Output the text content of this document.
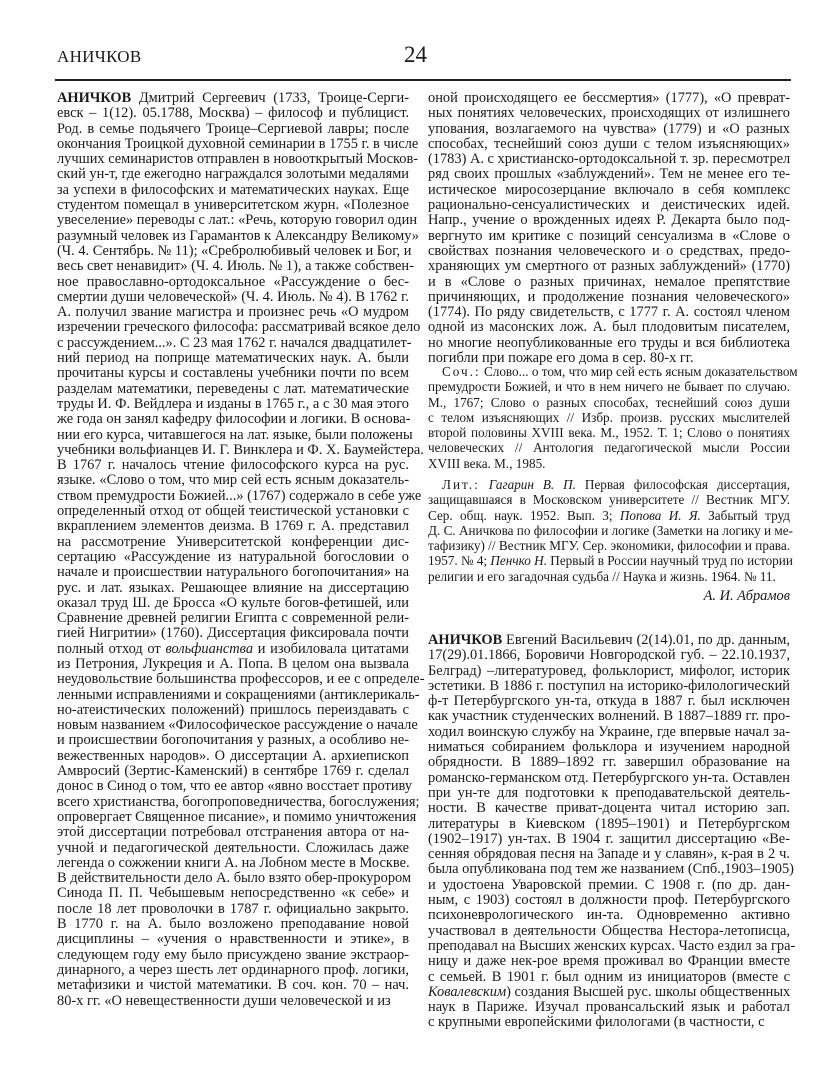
АНИЧКОВ	24
АНИЧКОВ Дмитрий Сергеевич (1733, Троице-Серги-
евск – 1(12). 05.1788, Москва) – философ и публицист.
Род. в семье подьячего Троице–Сергиевой лавры; после
окончания Троицкой духовной семинарии в 1755 г. в числе
лучших семинаристов отправлен в новооткрытый Москов-
ский ун-т, где ежегодно награждался золотыми медалями
за успехи в философских и математических науках. Еще
студентом помещал в университетском журн. «Полезное
увеселение» переводы с лат.: «Речь, которую говорил один
разумный человек из Гарамантов к Александру Великому»
(Ч. 4. Сентябрь. № 11); «Сребролюбивый человек и Бог, и
весь свет ненавидит» (Ч. 4. Июль. № 1), а также собствен-
ное православно-ортодоксальное «Рассуждение о бес-
смертии души человеческой» (Ч. 4. Июль. № 4). В 1762 г.
А. получил звание магистра и произнес речь «О мудром
изречении греческого философа: рассматривай всякое дело
с рассуждением...». С 23 мая 1762 г. начался двадцатилет-
ний период на поприще математических наук. А. были
прочитаны курсы и составлены учебники почти по всем
разделам математики, переведены с лат. математические
труды И. Ф. Вейдлера и изданы в 1765 г., а с 30 мая этого
же года он занял кафедру философии и логики. В основа-
нии его курса, читавшегося на лат. языке, были положены
учебники вольфианцев И. Г. Винклера и Ф. Х. Баумейстера.
В 1767 г. началось чтение философского курса на рус.
языке. «Слово о том, что мир сей есть ясным доказатель-
ством премудрости Божией...» (1767) содержало в себе уже
определенный отход от общей теистической установки с
вкраплением элементов деизма. В 1769 г. А. представил
на рассмотрение Университетской конференции дис-
сертацию «Рассуждение из натуральной богословии о
начале и происшествии натурального богопочитания» на
рус. и лат. языках. Решающее влияние на диссертацию
оказал труд Ш. де Бросса «О культе богов-фетишей, или
Сравнение древней религии Египта с современной рели-
гией Нигритии» (1760). Диссертация фиксировала почти
полный отход от вольфианства и изобиловала цитатами
из Петрония, Лукреция и А. Попа. В целом она вызвала
неудовольствие большинства профессоров, и ее с определе-
ленными исправлениями и сокращениями (антиклерикаль-
но-атеистических положений) пришлось переиздавать с
новым названием «Философическое рассуждение о начале
и происшествии богопочитания у разных, а особливо не-
вежественных народов». О диссертации А. архиепископ
Амвросий (Зертис-Каменский) в сентябре 1769 г. сделал
донос в Синод о том, что ее автор «явно восстает противу
всего христианства, богопроповедничества, богослужения;
опровергает Священное писание», и помимо уничтожения
этой диссертации потребовал отстранения автора от на-
учной и педагогической деятельности. Сложилась даже
легенда о сожжении книги А. на Лобном месте в Москве.
В действительности дело А. было взято обер-прокурором
Синода П. П. Чебышевым непосредственно «к себе» и
после 18 лет проволочки в 1787 г. официально закрыто.
В 1770 г. на А. было возложено преподавание новой
дисциплины – «учения о нравственности и этике», в
следующем году ему было присуждено звание экстраор-
динарного, а через шесть лет ординарного проф. логики,
метафизики и чистой математики. В соч. кон. 70 – нач.
80-х гг. «О невещественности души человеческой и из
оной происходящего ее бессмертия» (1777), «О преврат-
ных понятиях человеческих, происходящих от излишнего
упования, возлагаемого на чувства» (1779) и «О разных
способах, теснейший союз души с телом изъясняющих»
(1783) А. с христианско-ортодоксальной т. зр. пересмотрел
ряд своих прошлых «заблуждений». Тем не менее его те-
истическое миросозерцание включало в себя комплекс
рационально-сенсуалистических и деистических идей.
Напр., учение о врожденных идеях Р. Декарта было под-
вергнуто им критике с позиций сенсуализма в «Слове о
свойствах познания человеческого и о средствах, предо-
храняющих ум смертного от разных заблуждений» (1770)
и в «Слове о разных причинах, немалое препятствие
причиняющих, и продолжение познания человеческого»
(1774). По ряду свидетельств, с 1777 г. А. состоял членом
одной из масонских лож. А. был плодовитым писателем,
но многие неопубликованные его труды и вся библиотека
погибли при пожаре его дома в сер. 80-х гг.
Соч.: Слово... о том, что мир сей есть ясным доказательством
премудрости Божией, и что в нем ничего не бывает по случаю.
М., 1767; Слово о разных способах, теснейший союз души
с телом изъясняющих // Избр. произв. русских мыслителей
второй половины XVIII века. М., 1952. Т. 1; Слово о понятиях
человеческих // Антология педагогической мысли России
XVIII века. М., 1985.
Лит.: Гагарин В. П. Первая философская диссертация,
защищавшаяся в Московском университете // Вестник МГУ.
Сер. общ. наук. 1952. Вып. 3; Попова И. Я. Забытый труд
Д. С. Аничкова по философии и логике (Заметки на логику и ме-
тафизику) // Вестник МГУ. Сер. экономики, философии и права.
1957. № 4; Пенчко Н. Первый в России научный труд по истории
религии и его загадочная судьба // Наука и жизнь. 1964. № 11.
А. И. Абрамов
АНИЧКОВ Евгений Васильевич (2(14).01, по др. данным,
17(29).01.1866, Боровичи Новгородской губ. – 22.10.1937,
Белград) –литературовед, фольклорист, мифолог, историк
эстетики. В 1886 г. поступил на историко-филологический
ф-т Петербургского ун-та, откуда в 1887 г. был исключен
как участник студенческих волнений. В 1887–1889 гг. про-
ходил воинскую службу на Украине, где впервые начал за-
ниматься собиранием фольклора и изучением народной
обрядности. В 1889–1892 гг. завершил образование на
романско-германском отд. Петербургского ун-та. Оставлен
при ун-те для подготовки к преподавательской деятель-
ности. В качестве приват-доцента читал историю зап.
литературы в Киевском (1895–1901) и Петербургском
(1902–1917) ун-тах. В 1904 г. защитил диссертацию «Ве-
сенняя обрядовая песня на Западе и у славян», к-рая в 2 ч.
была опубликована под тем же названием (Спб.,1903–1905)
и удостоена Уваровской премии. С 1908 г. (по др. дан-
ным, с 1903) состоял в должности проф. Петербургского
психоневрологического ин-та. Одновременно активно
участвовал в деятельности Общества Нестора-летописца,
преподавал на Высших женских курсах. Часто ездил за гра-
ницу и даже нек-рое время проживал во Франции вместе
с семьей. В 1901 г. был одним из инициаторов (вместе с
Ковалевским) создания Высшей рус. школы общественных
наук в Париже. Изучал провансальский язык и работал
с крупными европейскими филологами (в частности, с
